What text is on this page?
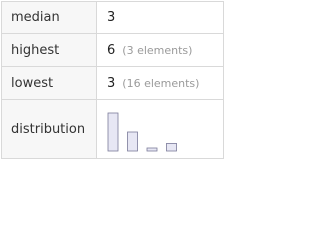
median	3
highest	6 (3 elements)
lowest	3 (16 elements)
distribution
